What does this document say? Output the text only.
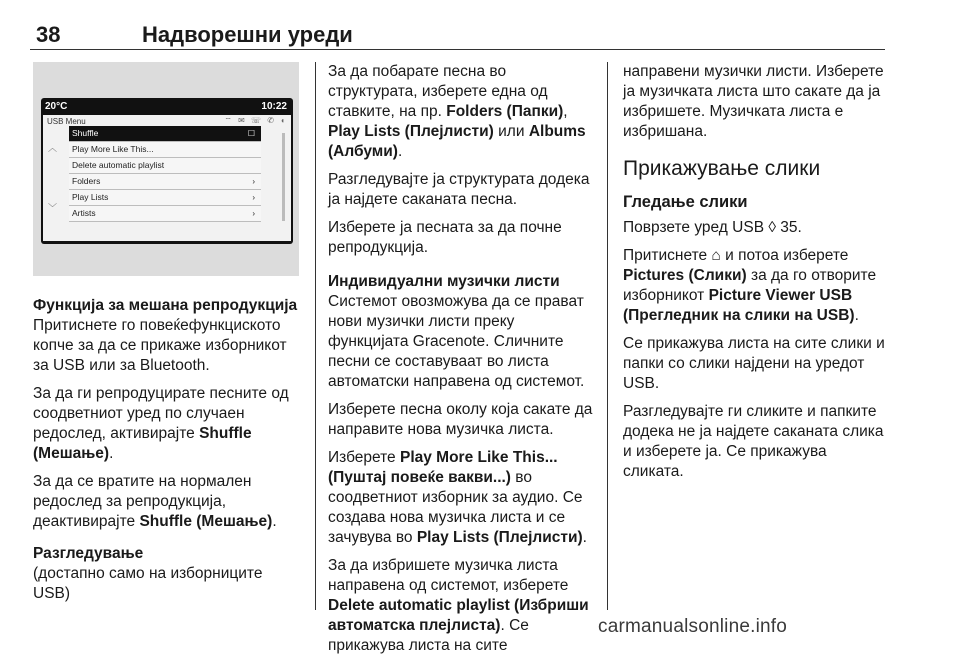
38	Надворешни уреди
20°C	10:22
USB Menu	⌔ ✉ ☏ ✆ ◖
︿
﹀
Shuffle	☐
Play More Like This...
Delete automatic playlist
Folders	›
Play Lists	›
Artists	›

Функција за мешана репродукција

Притиснете го повеќефункциското копче за да се прикаже изборникот за USB или за Bluetooth.

За да ги репродуцирате песните од соодветниот уред по случаен редослед, активирајте Shuffle (Мешање).

За да се вратите на нормален редослед за репродукција, деактивирајте Shuffle (Мешање).

Разгледување

(достапно само на изборниците USB)

За да побарате песна во структурата, изберете една од ставките, на пр. Folders (Папки), Play Lists (Плејлисти) или Albums (Албуми).

Разгледувајте ја структурата додека ја најдете саканата песна.

Изберете ја песната за да почне репродукција.

Индивидуални музички листи

Системот овозможува да се прават нови музички листи преку функцијата Gracenote. Сличните песни се составуваат во листа автоматски направена од системот.

Изберете песна околу која сакате да направите нова музичка листа.

Изберете Play More Like This... (Пуштај повеќе вакви...) во соодветниот изборник за аудио. Се создава нова музичка листа и се зачувува во Play Lists (Плејлисти).

За да избришете музичка листа направена од системот, изберете Delete automatic playlist (Избриши автоматска плејлиста). Се прикажува листа на сите

направени музички листи. Изберете ја музичката листа што сакате да ја избришете. Музичката листа е избришана.

Прикажување слики

Гледање слики

Поврзете уред USB ◊ 35.

Притиснете ⌂ и потоа изберете Pictures (Слики) за да го отворите изборникот Picture Viewer USB (Прегледник на слики на USB).

Се прикажува листа на сите слики и папки со слики најдени на уредот USB.

Разгледувајте ги сликите и папките додека не ја најдете саканата слика и изберете ја. Се прикажува сликата.

carmanualsonline.info
